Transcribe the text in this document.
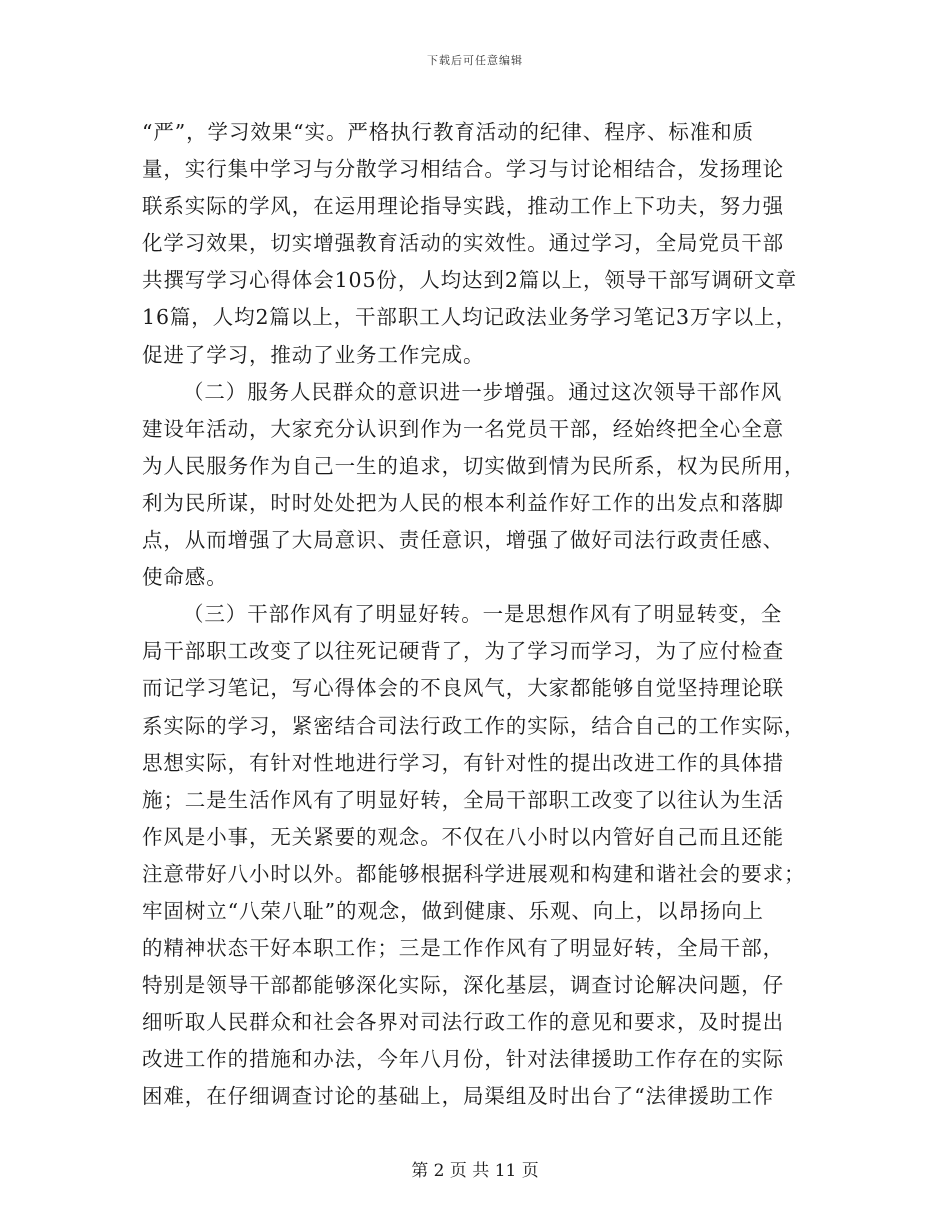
下载后可任意编辑
“严”，学习效果“实。严格执行教育活动的纪律、程序、标准和质
量，实行集中学习与分散学习相结合。学习与讨论相结合，发扬理论
联系实际的学风，在运用理论指导实践，推动工作上下功夫，努力强
化学习效果，切实增强教育活动的实效性。通过学习，全局党员干部
共撰写学习心得体会105份，人均达到2篇以上，领导干部写调研文章
16篇，人均2篇以上，干部职工人均记政法业务学习笔记3万字以上，
促进了学习，推动了业务工作完成。
（二）服务人民群众的意识进一步增强。通过这次领导干部作风
建设年活动，大家充分认识到作为一名党员干部，经始终把全心全意
为人民服务作为自己一生的追求，切实做到情为民所系，权为民所用，
利为民所谋，时时处处把为人民的根本利益作好工作的出发点和落脚
点，从而增强了大局意识、责任意识，增强了做好司法行政责任感、
使命感。
（三）干部作风有了明显好转。一是思想作风有了明显转变，全
局干部职工改变了以往死记硬背了，为了学习而学习，为了应付检查
而记学习笔记，写心得体会的不良风气，大家都能够自觉坚持理论联
系实际的学习，紧密结合司法行政工作的实际，结合自己的工作实际，
思想实际，有针对性地进行学习，有针对性的提出改进工作的具体措
施；二是生活作风有了明显好转，全局干部职工改变了以往认为生活
作风是小事，无关紧要的观念。不仅在八小时以内管好自己而且还能
注意带好八小时以外。都能够根据科学进展观和构建和谐社会的要求；
牢固树立“八荣八耻”的观念，做到健康、乐观、向上，以昂扬向上
的精神状态干好本职工作；三是工作作风有了明显好转，全局干部，
特别是领导干部都能够深化实际，深化基层，调查讨论解决问题，仔
细听取人民群众和社会各界对司法行政工作的意见和要求，及时提出
改进工作的措施和办法，今年八月份，针对法律援助工作存在的实际
困难，在仔细调查讨论的基础上，局渠组及时出台了“法律援助工作
第 2 页 共 11 页
